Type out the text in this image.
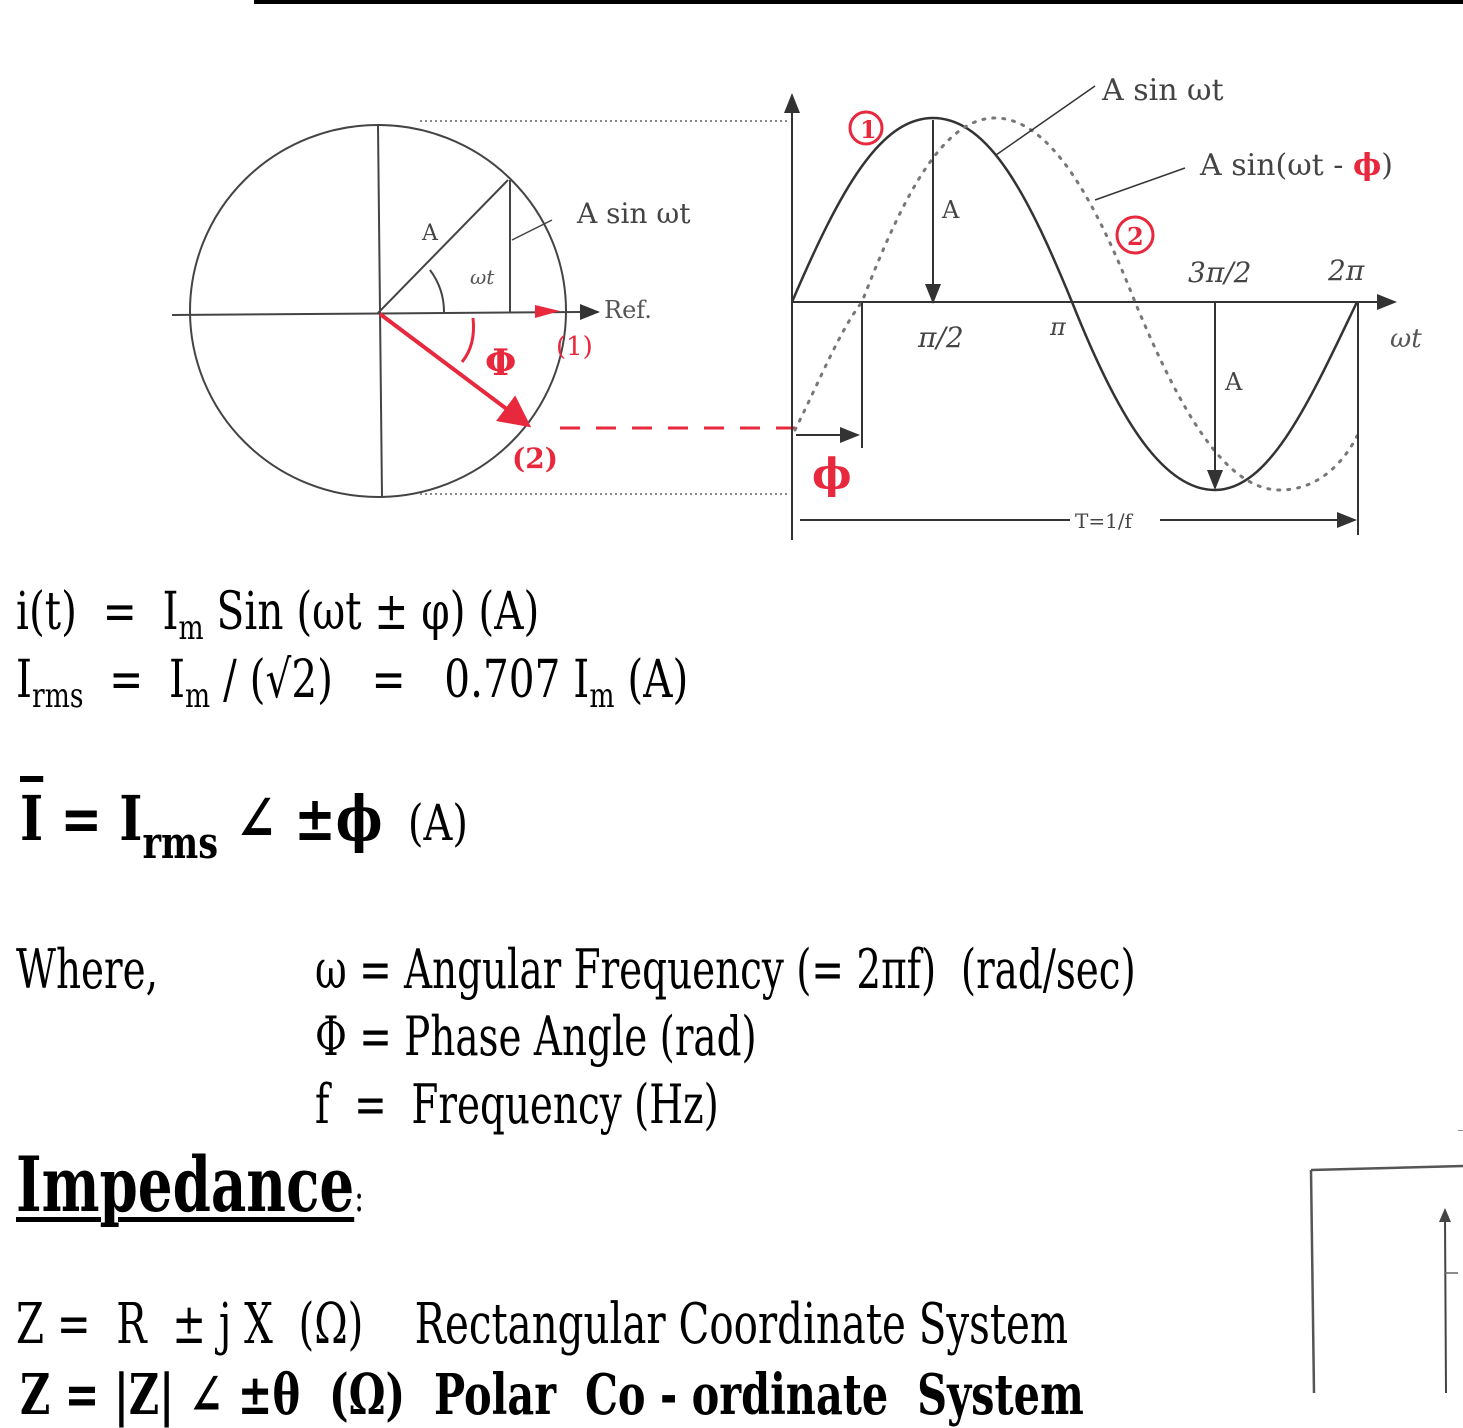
A
ωt
A sin ωt
Ref.
Φ (1)
(2)
A
A
A sin ωt
A sin(ωt - ϕ)
π/2	π
3π/2	2π
ωt
T=1/f
ϕ
1
2
$i(t) = I_m$ Sin (ωt ± φ) (A)
$I_{rms} = I_m / (√2) = 0.707$ $I_m$ (A)
$\overline{I} = I_{rms}$ ∠ ±ϕ  (A)
Where,	ω = Angular Frequency (= 2πf)  (rad/sec)
Φ = Phase Angle (rad)
f  =  Frequency (Hz)
Impedance:
Z =  R  ± j X  (Ω)    Rectangular Coordinate System
Z = |Z| ∠ ±θ  (Ω)  Polar  Co - ordinate  System
